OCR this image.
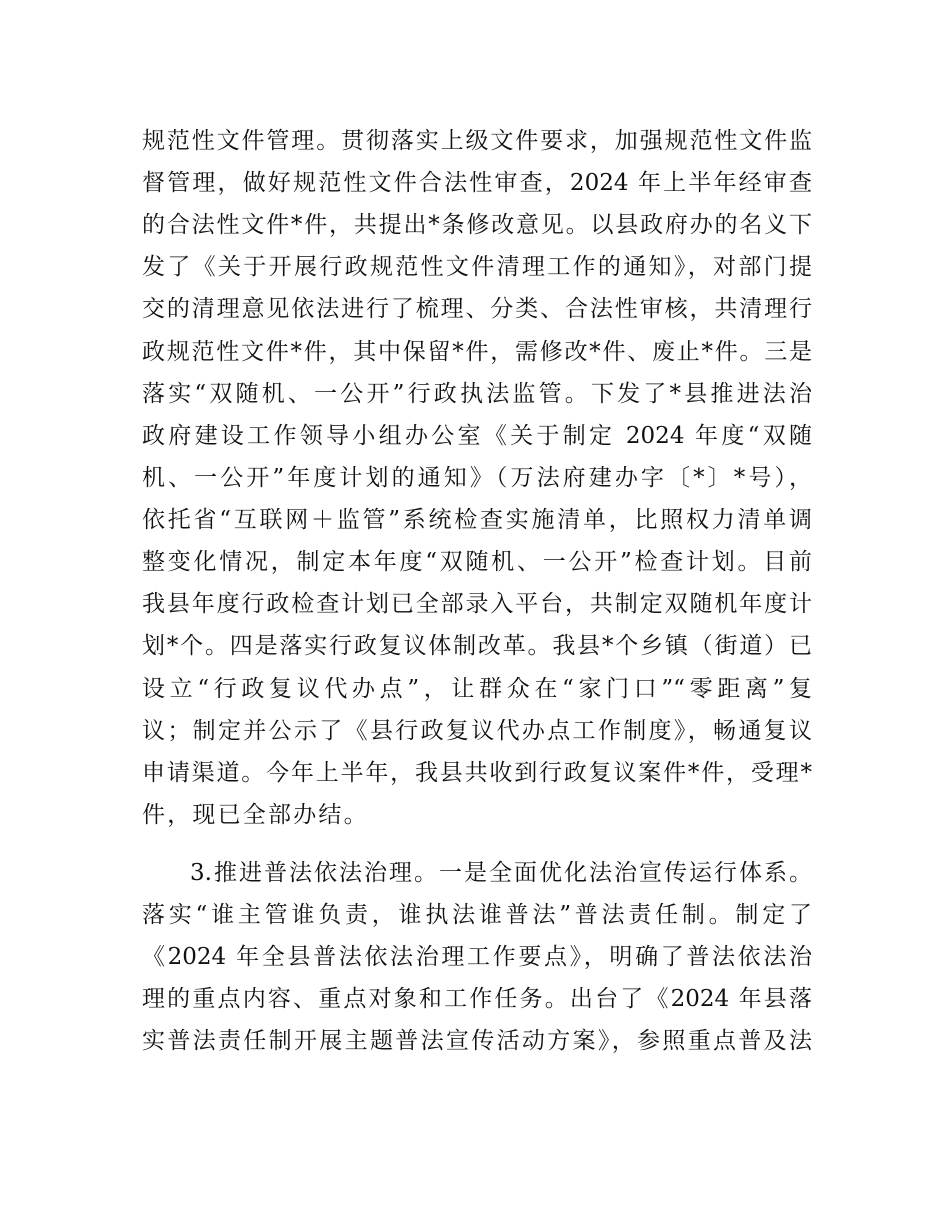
规范性文件管理。贯彻落实上级文件要求，加强规范性文件监
督管理，做好规范性文件合法性审查，2024 年上半年经审查
的合法性文件*件，共提出*条修改意见。以县政府办的名义下
发了《关于开展行政规范性文件清理工作的通知》，对部门提
交的清理意见依法进行了梳理、分类、合法性审核，共清理行
政规范性文件*件，其中保留*件，需修改*件、废止*件。三是
落实“双随机、一公开”行政执法监管。下发了*县推进法治
政府建设工作领导小组办公室《关于制定 2024 年度“双随
机、一公开”年度计划的通知》（万法府建办字〔*〕*号），
依托省“互联网＋监管”系统检查实施清单，比照权力清单调
整变化情况，制定本年度“双随机、一公开”检查计划。目前
我县年度行政检查计划已全部录入平台，共制定双随机年度计
划*个。四是落实行政复议体制改革。我县*个乡镇（街道）已
设立“行政复议代办点”，让群众在“家门口”“零距离”复
议；制定并公示了《县行政复议代办点工作制度》，畅通复议
申请渠道。今年上半年，我县共收到行政复议案件*件，受理*
件，现已全部办结。
3.推进普法依法治理。一是全面优化法治宣传运行体系。
落实“谁主管谁负责，谁执法谁普法”普法责任制。制定了
《2024 年全县普法依法治理工作要点》，明确了普法依法治
理的重点内容、重点对象和工作任务。出台了《2024 年县落
实普法责任制开展主题普法宣传活动方案》，参照重点普及法
